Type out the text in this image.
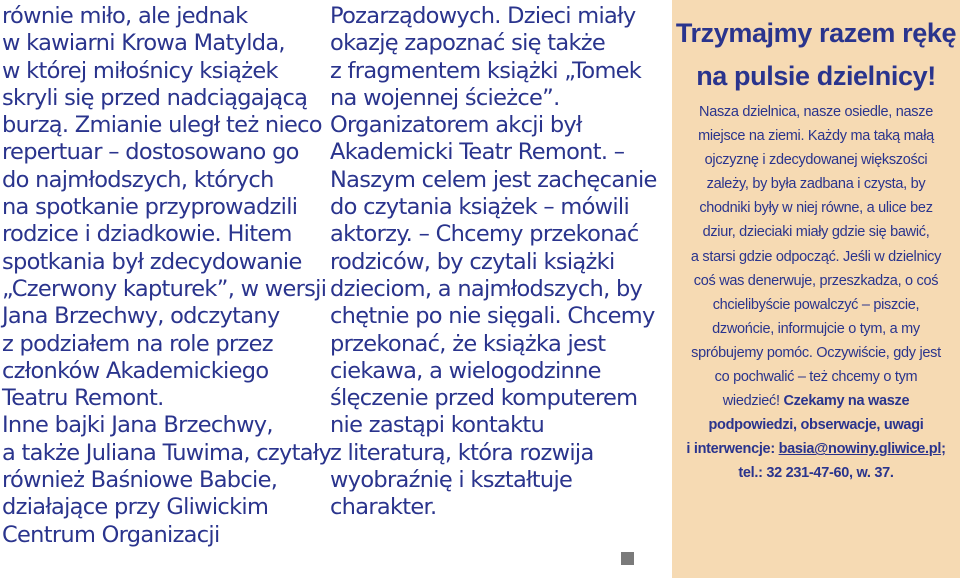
równie miło, ale jednak
w kawiarni Krowa Matylda,
w której miłośnicy książek
skryli się przed nadciągającą
burzą. Zmianie uległ też nieco
repertuar – dostosowano go
do najmłodszych, których
na spotkanie przyprowadzili
rodzice i dziadkowie. Hitem
spotkania był zdecydowanie
„Czerwony kapturek”, w wersji
Jana Brzechwy, odczytany
z podziałem na role przez
członków Akademickiego
Teatru Remont.
Inne bajki Jana Brzechwy,
a także Juliana Tuwima, czytały
również Baśniowe Babcie,
działające przy Gliwickim
Centrum Organizacji
Pozarządowych. Dzieci miały
okazję zapoznać się także
z fragmentem książki „Tomek
na wojennej ścieżce”.
Organizatorem akcji był
Akademicki Teatr Remont. –
Naszym celem jest zachęcanie
do czytania książek – mówili
aktorzy. – Chcemy przekonać
rodziców, by czytali książki
dzieciom, a najmłodszych, by
chętnie po nie sięgali. Chcemy
przekonać, że książka jest
ciekawa, a wielogodzinne
ślęczenie przed komputerem
nie zastąpi kontaktu
z literaturą, która rozwija
wyobraźnię i kształtuje
charakter.
Trzymajmy razem rękę
na pulsie dzielnicy!
Nasza dzielnica, nasze osiedle, nasze
miejsce na ziemi. Każdy ma taką małą
ojczyznę i zdecydowanej większości
zależy, by była zadbana i czysta, by
chodniki były w niej równe, a ulice bez
dziur, dzieciaki miały gdzie się bawić,
a starsi gdzie odpocząć. Jeśli w dzielnicy
coś was denerwuje, przeszkadza, o coś
chcielibyście powalczyć – piszcie,
dzwońcie, informujcie o tym, a my
spróbujemy pomóc. Oczywiście, gdy jest
co pochwalić – też chcemy o tym
wiedzieć! Czekamy na wasze
podpowiedzi, obserwacje, uwagi
i interwencje: basia@nowiny.gliwice.pl;
tel.: 32 231-47-60, w. 37.
